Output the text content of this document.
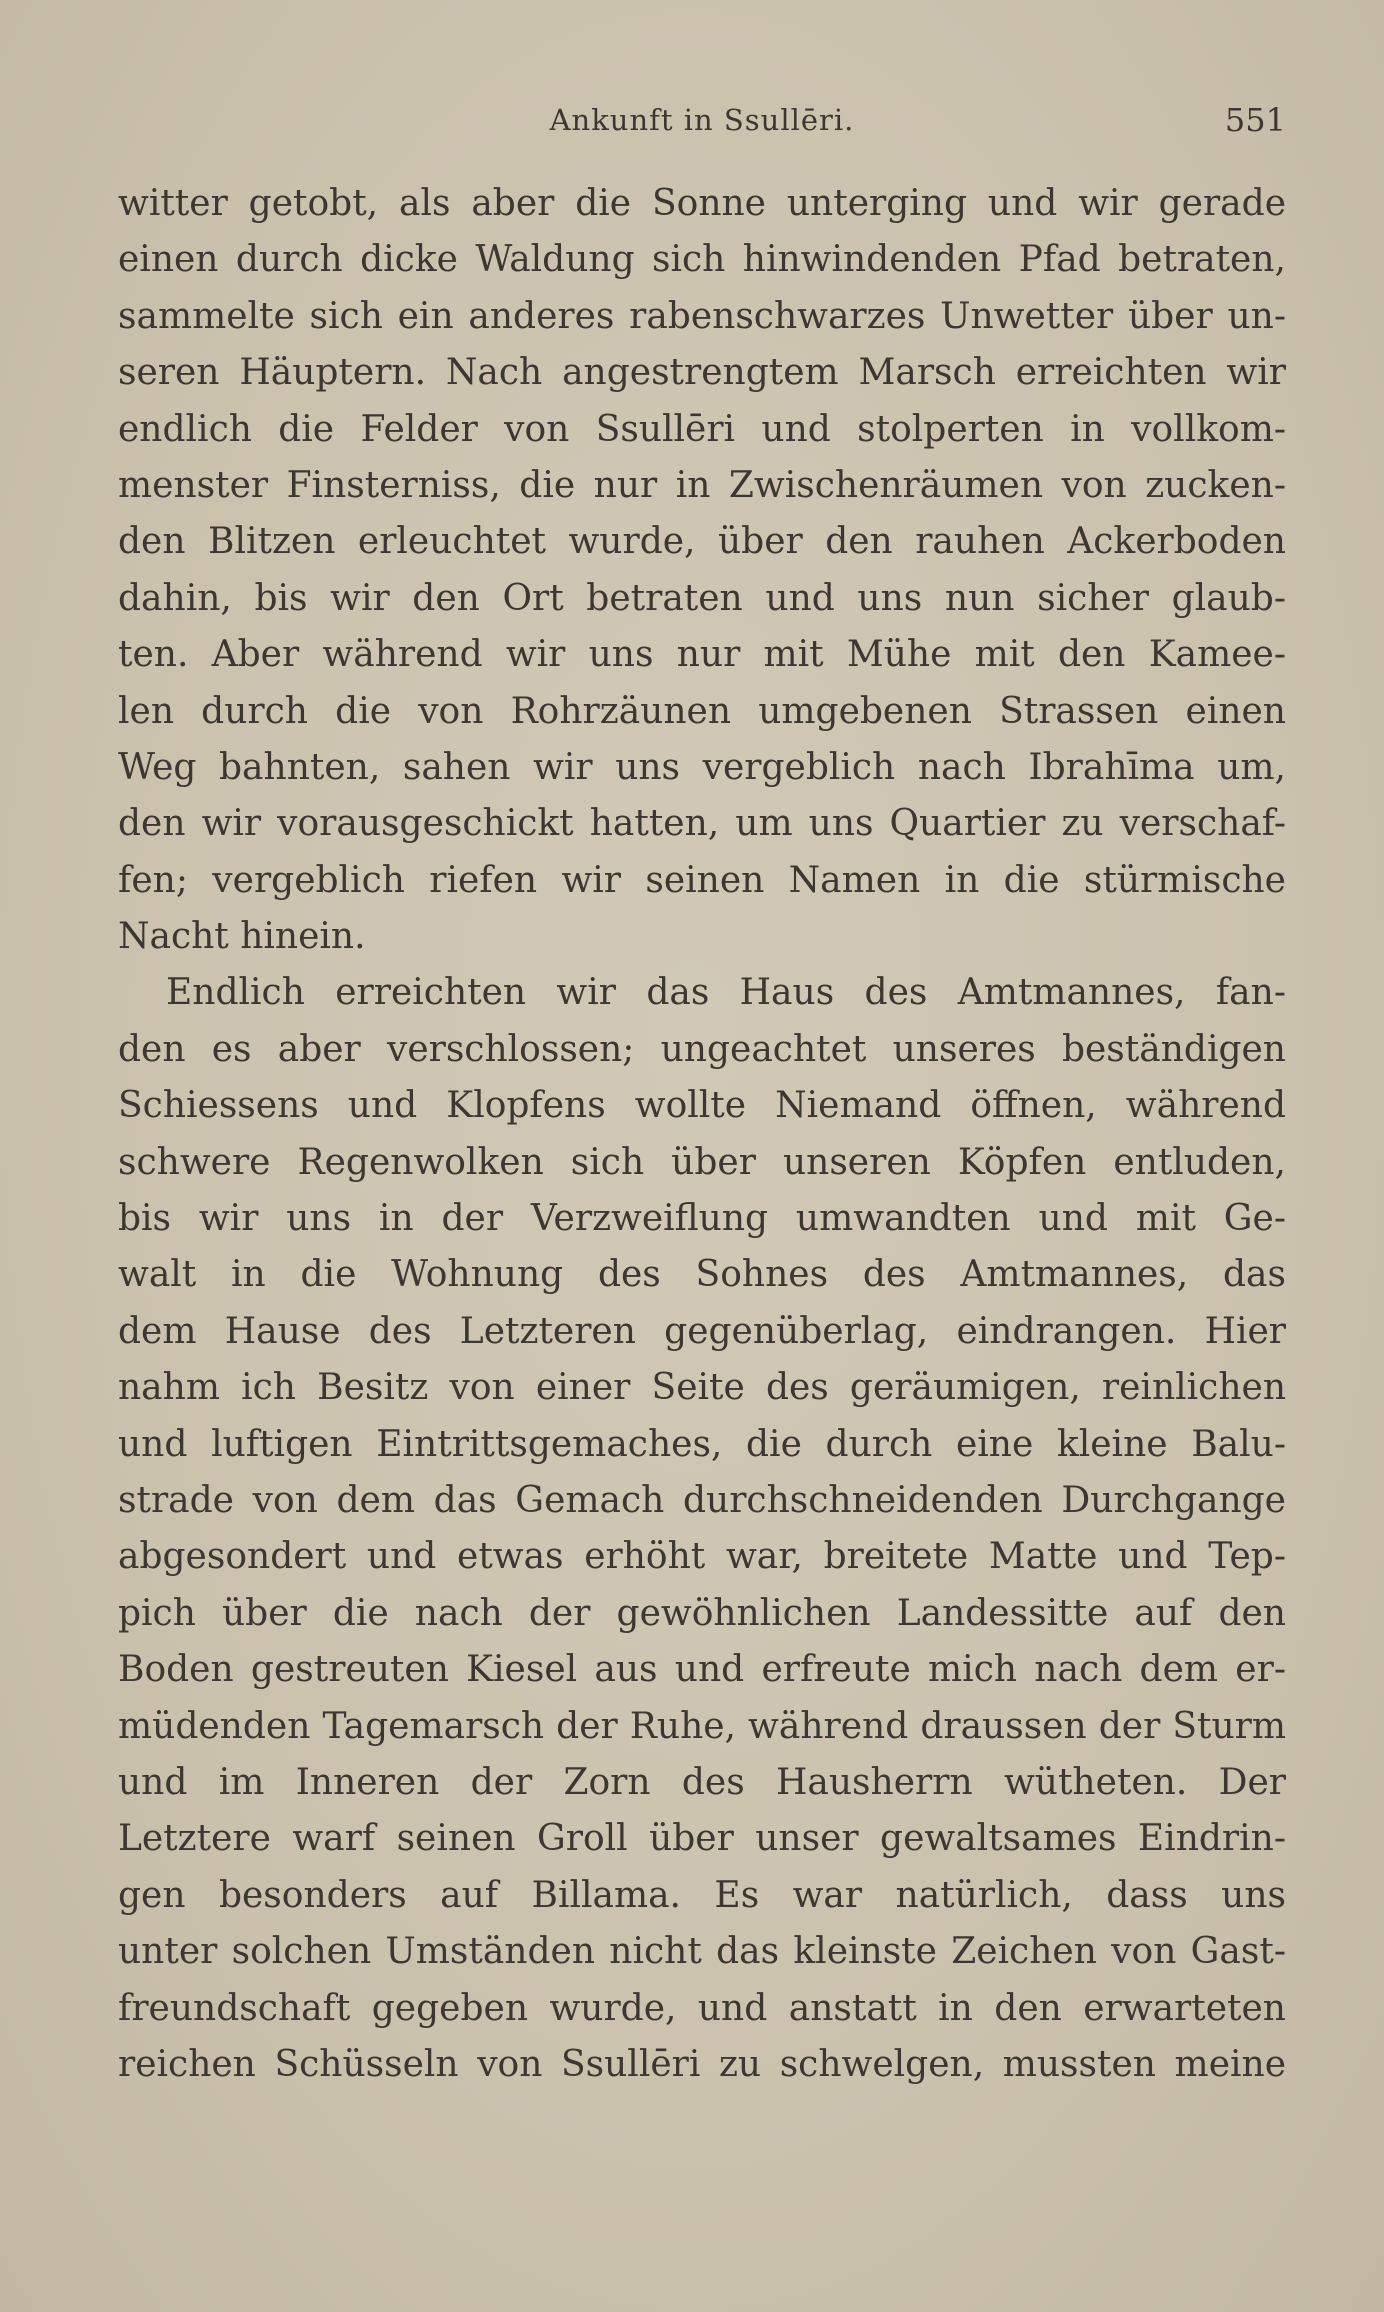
Ankunft in Ssullēri.	551
witter getobt, als aber die Sonne unterging und wir gerade
einen durch dicke Waldung sich hinwindenden Pfad betraten,
sammelte sich ein anderes rabenschwarzes Unwetter über un-
seren Häuptern. Nach angestrengtem Marsch erreichten wir
endlich die Felder von Ssullēri und stolperten in vollkom-
menster Finsterniss, die nur in Zwischenräumen von zucken-
den Blitzen erleuchtet wurde, über den rauhen Ackerboden
dahin, bis wir den Ort betraten und uns nun sicher glaub-
ten. Aber während wir uns nur mit Mühe mit den Kamee-
len durch die von Rohrzäunen umgebenen Strassen einen
Weg bahnten, sahen wir uns vergeblich nach Ibrahīma um,
den wir vorausgeschickt hatten, um uns Quartier zu verschaf-
fen; vergeblich riefen wir seinen Namen in die stürmische
Nacht hinein.
Endlich erreichten wir das Haus des Amtmannes, fan-
den es aber verschlossen; ungeachtet unseres beständigen
Schiessens und Klopfens wollte Niemand öffnen, während
schwere Regenwolken sich über unseren Köpfen entluden,
bis wir uns in der Verzweiflung umwandten und mit Ge-
walt in die Wohnung des Sohnes des Amtmannes, das
dem Hause des Letzteren gegenüberlag, eindrangen. Hier
nahm ich Besitz von einer Seite des geräumigen, reinlichen
und luftigen Eintrittsgemaches, die durch eine kleine Balu-
strade von dem das Gemach durchschneidenden Durchgange
abgesondert und etwas erhöht war, breitete Matte und Tep-
pich über die nach der gewöhnlichen Landessitte auf den
Boden gestreuten Kiesel aus und erfreute mich nach dem er-
müdenden Tagemarsch der Ruhe, während draussen der Sturm
und im Inneren der Zorn des Hausherrn wütheten. Der
Letztere warf seinen Groll über unser gewaltsames Eindrin-
gen besonders auf Billama. Es war natürlich, dass uns
unter solchen Umständen nicht das kleinste Zeichen von Gast-
freundschaft gegeben wurde, und anstatt in den erwarteten
reichen Schüsseln von Ssullēri zu schwelgen, mussten meine
